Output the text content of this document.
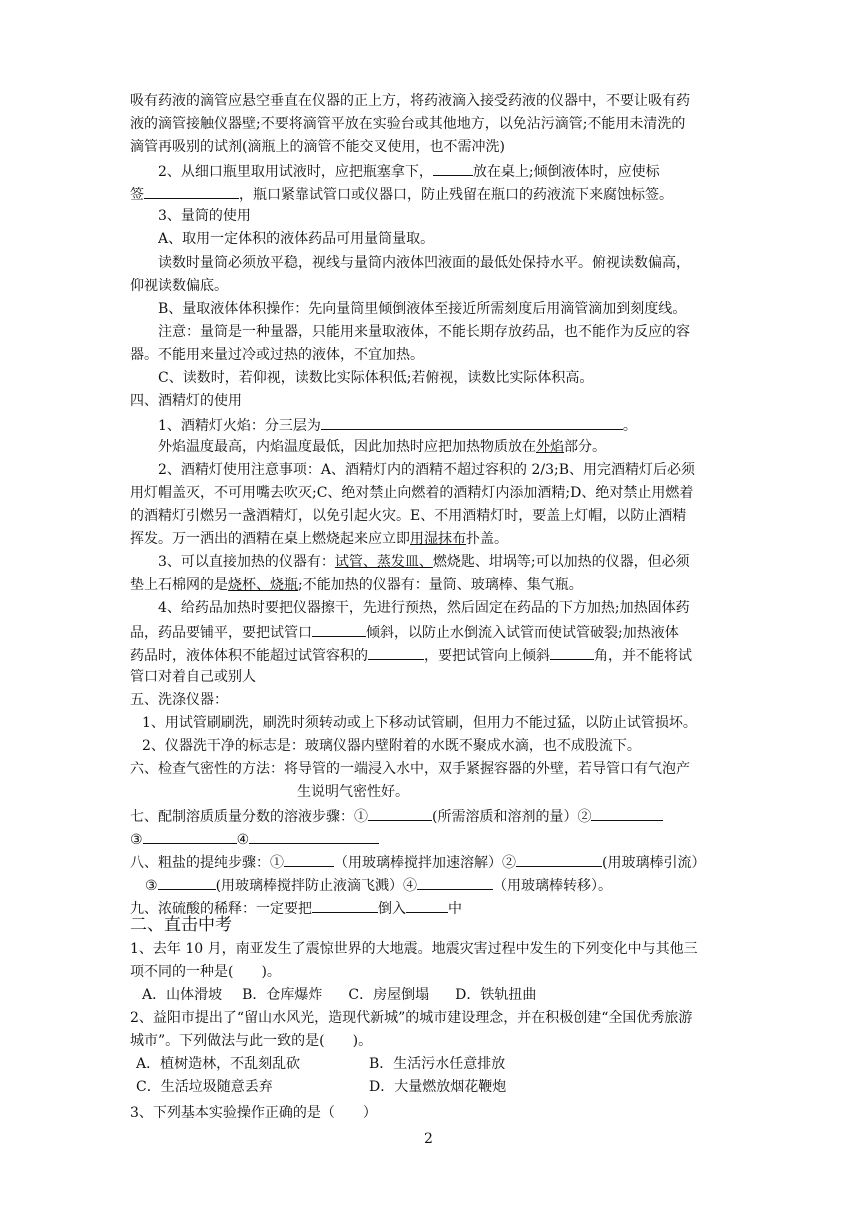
吸有药液的滴管应悬空垂直在仪器的正上方，将药液滴入接受药液的仪器中，不要让吸有药
液的滴管接触仪器壁;不要将滴管平放在实验台或其他地方，以免沾污滴管;不能用未清洗的
滴管再吸别的试剂(滴瓶上的滴管不能交叉使用，也不需冲洗)
2、从细口瓶里取用试液时，应把瓶塞拿下，	放在桌上;倾倒液体时，应使标
签	，瓶口紧靠试管口或仪器口，防止残留在瓶口的药液流下来腐蚀标签。
3、量筒的使用
A、取用一定体积的液体药品可用量筒量取。
读数时量筒必须放平稳，视线与量筒内液体凹液面的最低处保持水平。俯视读数偏高，
仰视读数偏底。
B、量取液体体积操作：先向量筒里倾倒液体至接近所需刻度后用滴管滴加到刻度线。
注意：量筒是一种量器，只能用来量取液体，不能长期存放药品，也不能作为反应的容
器。不能用来量过冷或过热的液体，不宜加热。
C、读数时，若仰视，读数比实际体积低;若俯视，读数比实际体积高。
四、酒精灯的使用
1、酒精灯火焰：分三层为	。
外焰温度最高，内焰温度最低，因此加热时应把加热物质放在外焰部分。
2、酒精灯使用注意事项：A、酒精灯内的酒精不超过容积的 2/3;B、用完酒精灯后必须
用灯帽盖灭，不可用嘴去吹灭;C、绝对禁止向燃着的酒精灯内添加酒精;D、绝对禁止用燃着
的酒精灯引燃另一盏酒精灯，以免引起火灾。E、不用酒精灯时，要盖上灯帽，以防止酒精
挥发。万一洒出的酒精在桌上燃烧起来应立即用湿抹布扑盖。
3、可以直接加热的仪器有：试管、蒸发皿、燃烧匙、坩埚等;可以加热的仪器，但必须
垫上石棉网的是烧杯、烧瓶;不能加热的仪器有：量筒、玻璃棒、集气瓶。
4、给药品加热时要把仪器擦干，先进行预热，然后固定在药品的下方加热;加热固体药
品，药品要铺平，要把试管口	倾斜，以防止水倒流入试管而使试管破裂;加热液体
药品时，液体体积不能超过试管容积的	，要把试管向上倾斜	角，并不能将试
管口对着自己或别人
五、洗涤仪器：
1、用试管刷刷洗，刷洗时须转动或上下移动试管刷，但用力不能过猛，以防止试管损坏。
2、仪器洗干净的标志是：玻璃仪器内壁附着的水既不聚成水滴，也不成股流下。
六、检查气密性的方法：将导管的一端浸入水中，双手紧握容器的外壁，若导管口有气泡产
生说明气密性好。
七、配制溶质质量分数的溶液步骤：①	(所需溶质和溶剂的量）②
③	④
八、粗盐的提纯步骤：①	（用玻璃棒搅拌加速溶解）②	(用玻璃棒引流）
③	(用玻璃棒搅拌防止液滴飞溅）④	（用玻璃棒转移）。
九、浓硫酸的稀释：一定要把	倒入	中
二、直击中考
1、去年 10 月，南亚发生了震惊世界的大地震。地震灾害过程中发生的下列变化中与其他三
项不同的一种是(　　)。
A．山体滑坡 B．仓库爆炸 C．房屋倒塌 D．铁轨扭曲
2、益阳市提出了“留山水风光，造现代新城”的城市建设理念，并在积极创建“全国优秀旅游
城市”。下列做法与此一致的是(　　)。
A．植树造林，不乱刻乱砍	B．生活污水任意排放
C．生活垃圾随意丢弃	D．大量燃放烟花鞭炮
3、下列基本实验操作正确的是（　　）
2
